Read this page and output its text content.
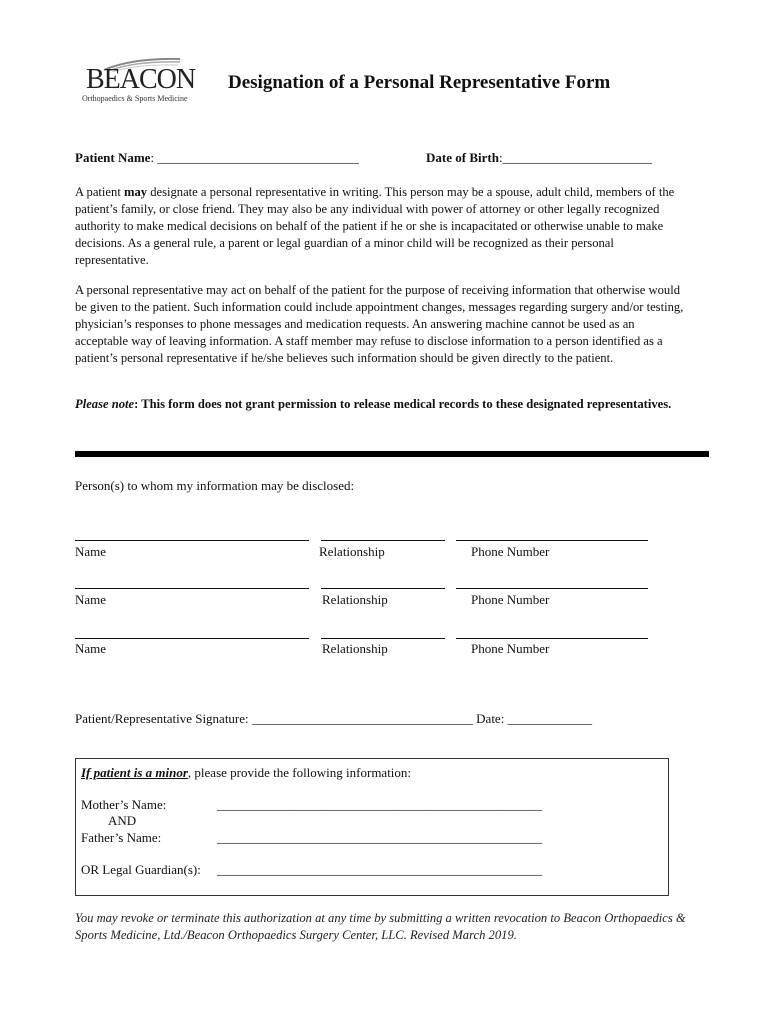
BEACON
Orthopaedics & Sports Medicine
Designation of a Personal Representative Form
Patient Name: _______________________________	Date of Birth:_______________________
A patient may designate a personal representative in writing. This person may be a spouse, adult child, members of the patient’s family, or close friend. They may also be any individual with power of attorney or other legally recognized authority to make medical decisions on behalf of the patient if he or she is incapacitated or otherwise unable to make decisions. As a general rule, a parent or legal guardian of a minor child will be recognized as their personal representative.
A personal representative may act on behalf of the patient for the purpose of receiving information that otherwise would be given to the patient. Such information could include appointment changes, messages regarding surgery and/or testing, physician’s responses to phone messages and medication requests. An answering machine cannot be used as an acceptable way of leaving information. A staff member may refuse to disclose information to a person identified as a patient’s personal representative if he/she believes such information should be given directly to the patient.
Please note: This form does not grant permission to release medical records to these designated representatives.
Person(s) to whom my information may be disclosed:
Name	Relationship	Phone Number
Name	Relationship	Phone Number
Name	Relationship	Phone Number
Patient/Representative Signature: __________________________________ Date: _____________
If patient is a minor, please provide the following information:
Mother’s Name:	__________________________________________________
AND
Father’s Name:	__________________________________________________
OR Legal Guardian(s): __________________________________________________
You may revoke or terminate this authorization at any time by submitting a written revocation to Beacon Orthopaedics & Sports Medicine, Ltd./Beacon Orthopaedics Surgery Center, LLC. Revised March 2019.
